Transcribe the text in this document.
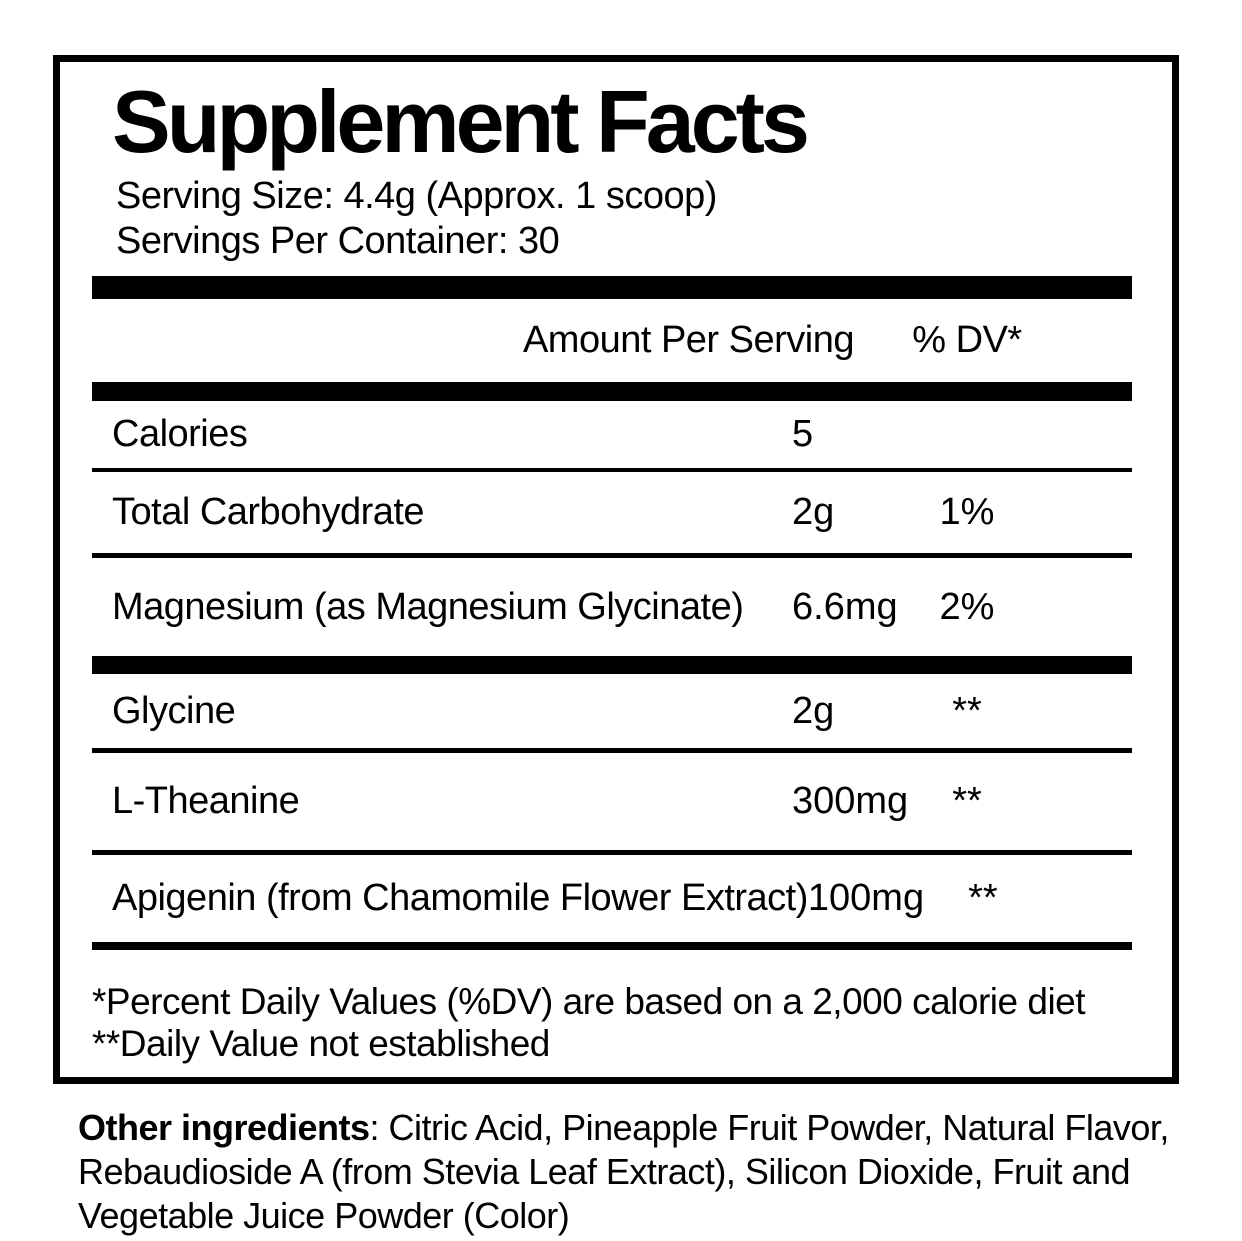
Supplement Facts
Serving Size: 4.4g (Approx. 1 scoop)
Servings Per Container: 30
Amount Per Serving % DV*
Calories	5
Total Carbohydrate	2g	1%
Magnesium (as Magnesium Glycinate)	6.6mg	2%
Glycine	2g	**
L-Theanine	300mg	**
Apigenin (from Chamomile Flower Extract) 100mg	**
*Percent Daily Values (%DV) are based on a 2,000 calorie diet
**Daily Value not established
Other ingredients: Citric Acid, Pineapple Fruit Powder, Natural Flavor,
Rebaudioside A (from Stevia Leaf Extract), Silicon Dioxide, Fruit and
Vegetable Juice Powder (Color)
